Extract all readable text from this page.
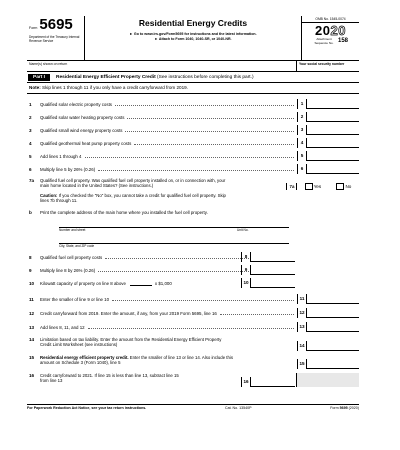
Form 5695
Department of the Treasury Internal Revenue Service
Residential Energy Credits
► Go to www.irs.gov/Form5695 for instructions and the latest information.
► Attach to Form 1040, 1040-SR, or 1040-NR.
OMB No. 1545-0074
2020
Attachment Sequence No. 158
Name(s) shown on return	Your social security number
Part I	Residential Energy Efficient Property Credit (See instructions before completing this part.)
Note: Skip lines 1 through 11 if you only have a credit carryforward from 2019.
1	Qualified solar electric property costs	1
2	Qualified solar water heating property costs	2
3	Qualified small wind energy property costs	3
4	Qualified geothermal heat pump property costs	4
5	Add lines 1 through 4	5
6	Multiply line 5 by 26% (0.26)	6
7a	Qualified fuel cell property. Was qualified fuel cell property installed on, or in connection with, your
main home located in the United States? (See instructions.)	7a	Yes	No
Caution: If you checked the "No" box, you cannot take a credit for qualified fuel cell property. Skip
lines 7b through 11.
b	Print the complete address of the main home where you installed the fuel cell property.
Number and street	Unit No.
City, State, and ZIP code
8	Qualified fuel cell property costs	8
9	Multiply line 8 by 26% (0.26)	9
10	Kilowatt capacity of property on line 8 above	x $1,000	10
11	Enter the smaller of line 9 or line 10	11
12	Credit carryforward from 2019. Enter the amount, if any, from your 2019 Form 5695, line 16	12
13	Add lines 8, 11, and 12	13
14	Limitation based on tax liability. Enter the amount from the Residential Energy Efficient Property
Credit Limit Worksheet (see instructions)	14
15	Residential energy efficient property credit. Enter the smaller of line 13 or line 14. Also include this
amount on Schedule 3 (Form 1040), line 5	15
16	Credit carryforward to 2021. If line 15 is less than line 13, subtract line 15
from line 13	16
For Paperwork Reduction Act Notice, see your tax return instructions.	Cat. No. 13540P	Form 5695 (2020)
